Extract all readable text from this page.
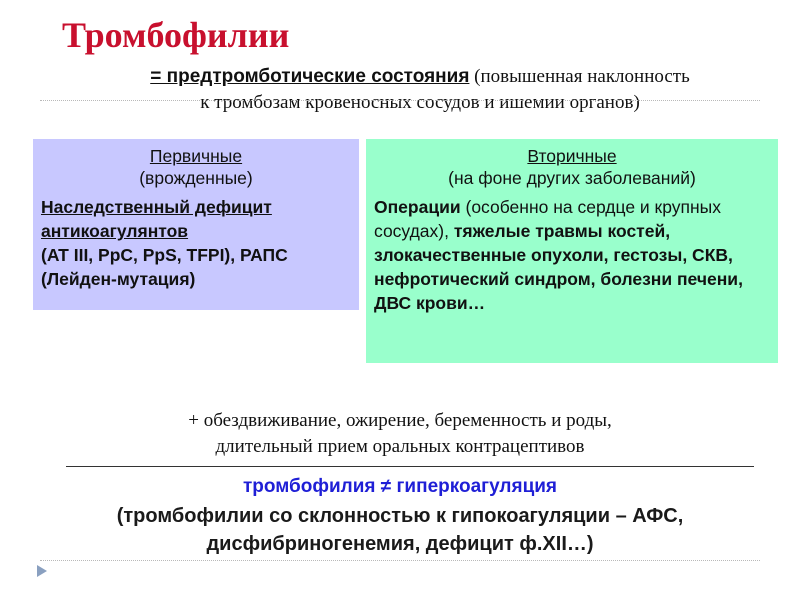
Тромбофилии
= предтромботические состояния (повышенная наклонность
к тромбозам кровеносных сосудов и ишемии органов)
Первичные
(врожденные)
Наследственный дефицит антикоагулянтов
(AT III, PpC, PpS, TFPI), РАПС (Лейден-мутация)
Вторичные
(на фоне других заболеваний)
Операции (особенно на сердце и крупных сосудах), тяжелые травмы костей, злокачественные опухоли, гестозы, СКВ, нефротический синдром, болезни печени, ДВС крови…
+ обездвиживание, ожирение, беременность и роды,
длительный прием оральных контрацептивов
тромбофилия ≠ гиперкоагуляция
(тромбофилии со склонностью к гипокоагуляции – АФС,
дисфибриногенемия, дефицит ф.XII…)
